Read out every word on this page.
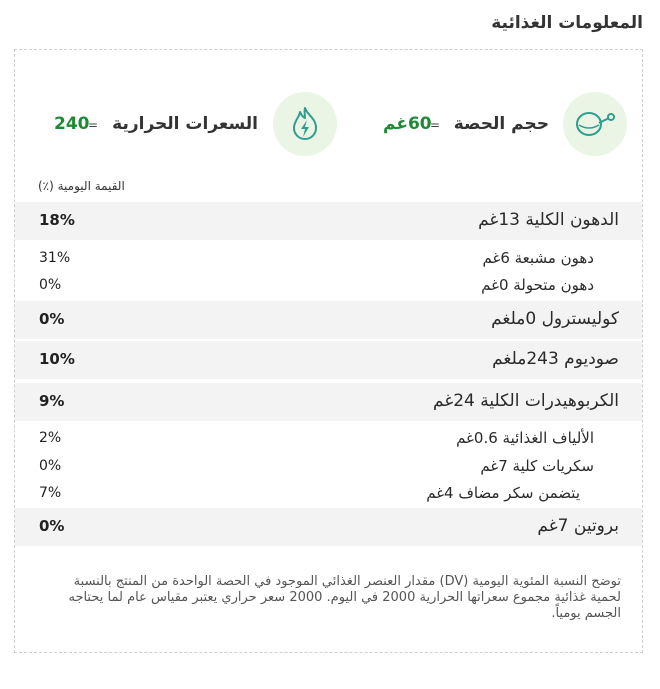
المعلومات الغذائية
حجم الحصة
=
60غم
السعرات الحرارية
=
240
القيمة اليومية (٪)
الدهون الكلية 13غم
18%
دهون مشبعة 6غم
31%
دهون متحولة 0غم
0%
كوليسترول 0ملغم
0%
صوديوم 243ملغم
10%
الكربوهيدرات الكلية 24غم
9%
الألياف الغذائية 0.6غم
2%
سكريات كلية 7غم
0%
يتضمن سكر مضاف 4غم
7%
بروتين 7غم
0%
توضح النسبة المئوية اليومية (DV) مقدار العنصر الغذائي الموجود في الحصة الواحدة من المنتج بالنسبة لحمية غذائية مجموع سعراتها الحرارية 2000 في اليوم. 2000 سعر حراري يعتبر مقياس عام لما يحتاجه الجسم يومياً.
